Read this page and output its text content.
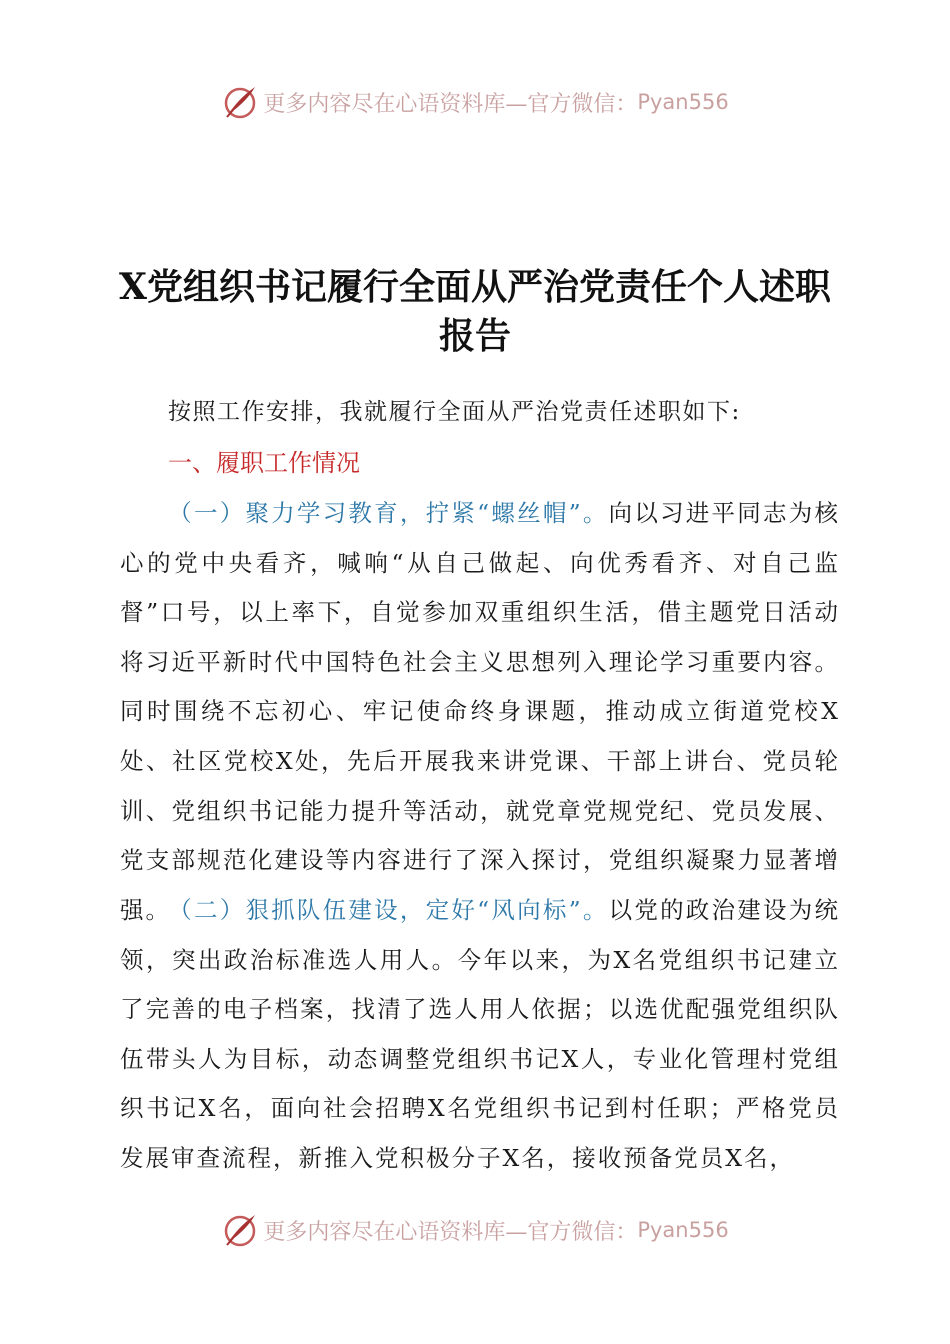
更多内容尽在心语资料库—官方微信： Pyan556
X党组织书记履行全面从严治党责任个人述职
报告
按照工作安排，我就履行全面从严治党责任述职如下:
一、履职工作情况

（一）聚力学习教育，拧紧“螺丝帽”。向以习进平同志为核心的党中央看齐，喊响“从自己做起、向优秀看齐、对自己监督”口号，以上率下，自觉参加双重组织生活，借主题党日活动将习近平新时代中国特色社会主义思想列入理论学习重要内容。同时围绕不忘初心、牢记使命终身课题，推动成立街道党校X处、社区党校X处，先后开展我来讲党课、干部上讲台、党员轮训、党组织书记能力提升等活动，就党章党规党纪、党员发展、党支部规范化建设等内容进行了深入探讨，党组织凝聚力显著增强。

（二）狠抓队伍建设，定好“风向标”。以党的政治建设为统领，突出政治标准选人用人。今年以来，为X名党组织书记建立了完善的电子档案，找清了选人用人依据；以选优配强党组织队伍带头人为目标，动态调整党组织书记X人，专业化管理村党组织书记X名，面向社会招聘X名党组织书记到村任职；严格党员发展审查流程，新推入党积极分子X名，接收预备党员X名，

更多内容尽在心语资料库—官方微信： Pyan556
